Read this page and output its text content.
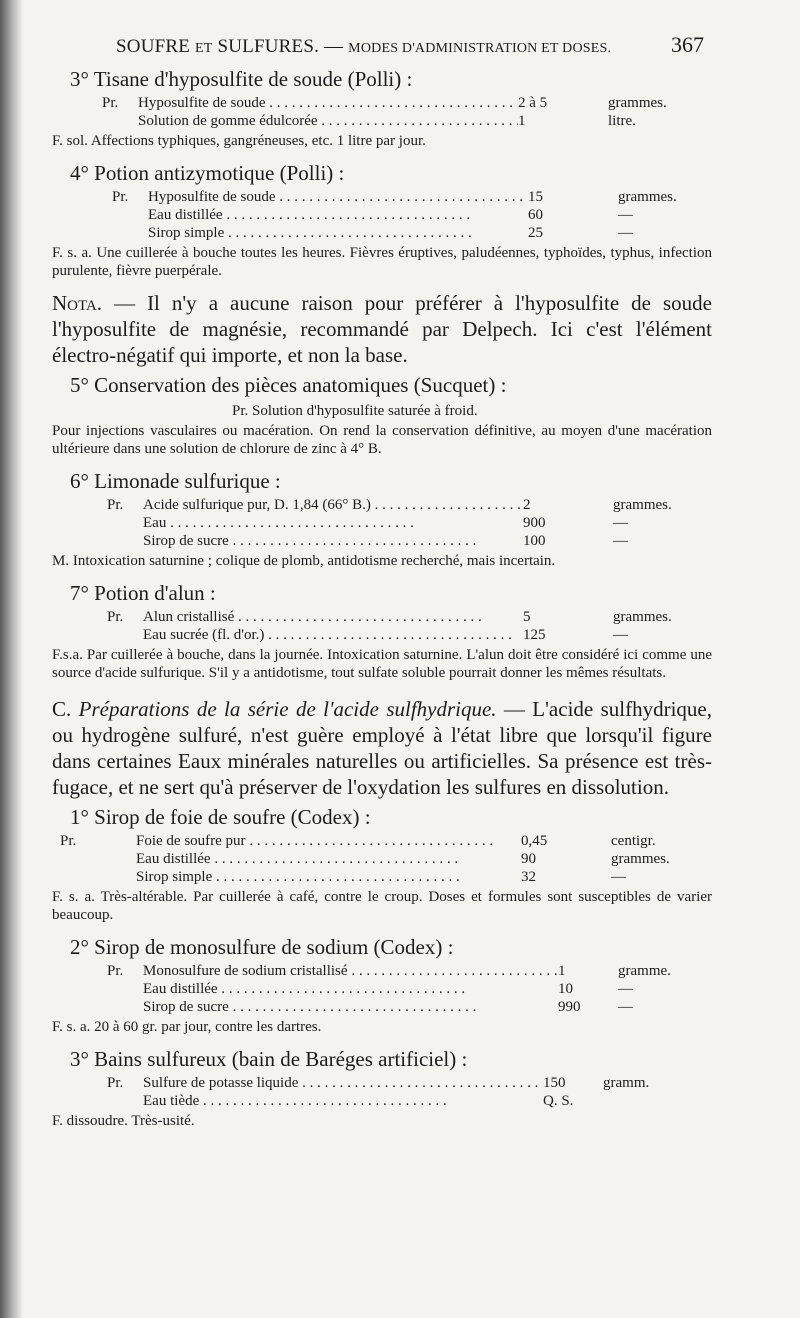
SOUFRE ET SULFURES. — MODES D'ADMINISTRATION ET DOSES.	367
3° Tisane d'hyposulfite de soude (Polli) :
Pr.	Hyposulfite de soude . . .	2 à 5	grammes.
Solution de gomme édulcorée . . .	1	litre.

F. sol. Affections typhiques, gangréneuses, etc. 1 litre par jour.

4° Potion antizymotique (Polli) :
Pr.	Hyposulfite de soude . . .	15	grammes.
Eau distillée . . .	60	—
Sirop simple . . .	25	—

F. s. a. Une cuillerée à bouche toutes les heures. Fièvres éruptives, paludéennes, typhoïdes, typhus, infection purulente, fièvre puerpérale.

Nota. — Il n'y a aucune raison pour préférer à l'hyposulfite de soude l'hyposulfite de magnésie, recommandé par Delpech. Ici c'est l'élément électro-négatif qui importe, et non la base.

5° Conservation des pièces anatomiques (Sucquet) :
Pr. Solution d'hyposulfite saturée à froid.

Pour injections vasculaires ou macération. On rend la conservation définitive, au moyen d'une macération ultérieure dans une solution de chlorure de zinc à 4° B.

6° Limonade sulfurique :
Pr.	Acide sulfurique pur, D. 1,84 (66° B.) . . .	2	grammes.
Eau . . .	900	—
Sirop de sucre . . .	100	—

M. Intoxication saturnine ; colique de plomb, antidotisme recherché, mais incertain.

7° Potion d'alun :
Pr.	Alun cristallisé . . .	5	grammes.
Eau sucrée (fl. d'or.) . . .	125	—

F.s.a. Par cuillerée à bouche, dans la journée. Intoxication saturnine. L'alun doit être considéré ici comme une source d'acide sulfurique. S'il y a antidotisme, tout sulfate soluble pourrait donner les mêmes résultats.

C. Préparations de la série de l'acide sulfhydrique. — L'acide sulfhydrique, ou hydrogène sulfuré, n'est guère employé à l'état libre que lorsqu'il figure dans certaines Eaux minérales naturelles ou artificielles. Sa présence est très-fugace, et ne sert qu'à préserver de l'oxydation les sulfures en dissolution.

1° Sirop de foie de soufre (Codex) :
Pr.	Foie de soufre pur . . .	0,45	centigr.
Eau distillée . . .	90	grammes.
Sirop simple . . .	32	—

F. s. a. Très-altérable. Par cuillerée à café, contre le croup. Doses et formules sont susceptibles de varier beaucoup.

2° Sirop de monosulfure de sodium (Codex) :
Pr.	Monosulfure de sodium cristallisé . . .	1	gramme.
Eau distillée . . .	10	—
Sirop de sucre . . .	990	—

F. s. a. 20 à 60 gr. par jour, contre les dartres.

3° Bains sulfureux (bain de Baréges artificiel) :
Pr.	Sulfure de potasse liquide . . .	150	gramm.
Eau tiède . . .	Q. S.

F. dissoudre. Très-usité.
